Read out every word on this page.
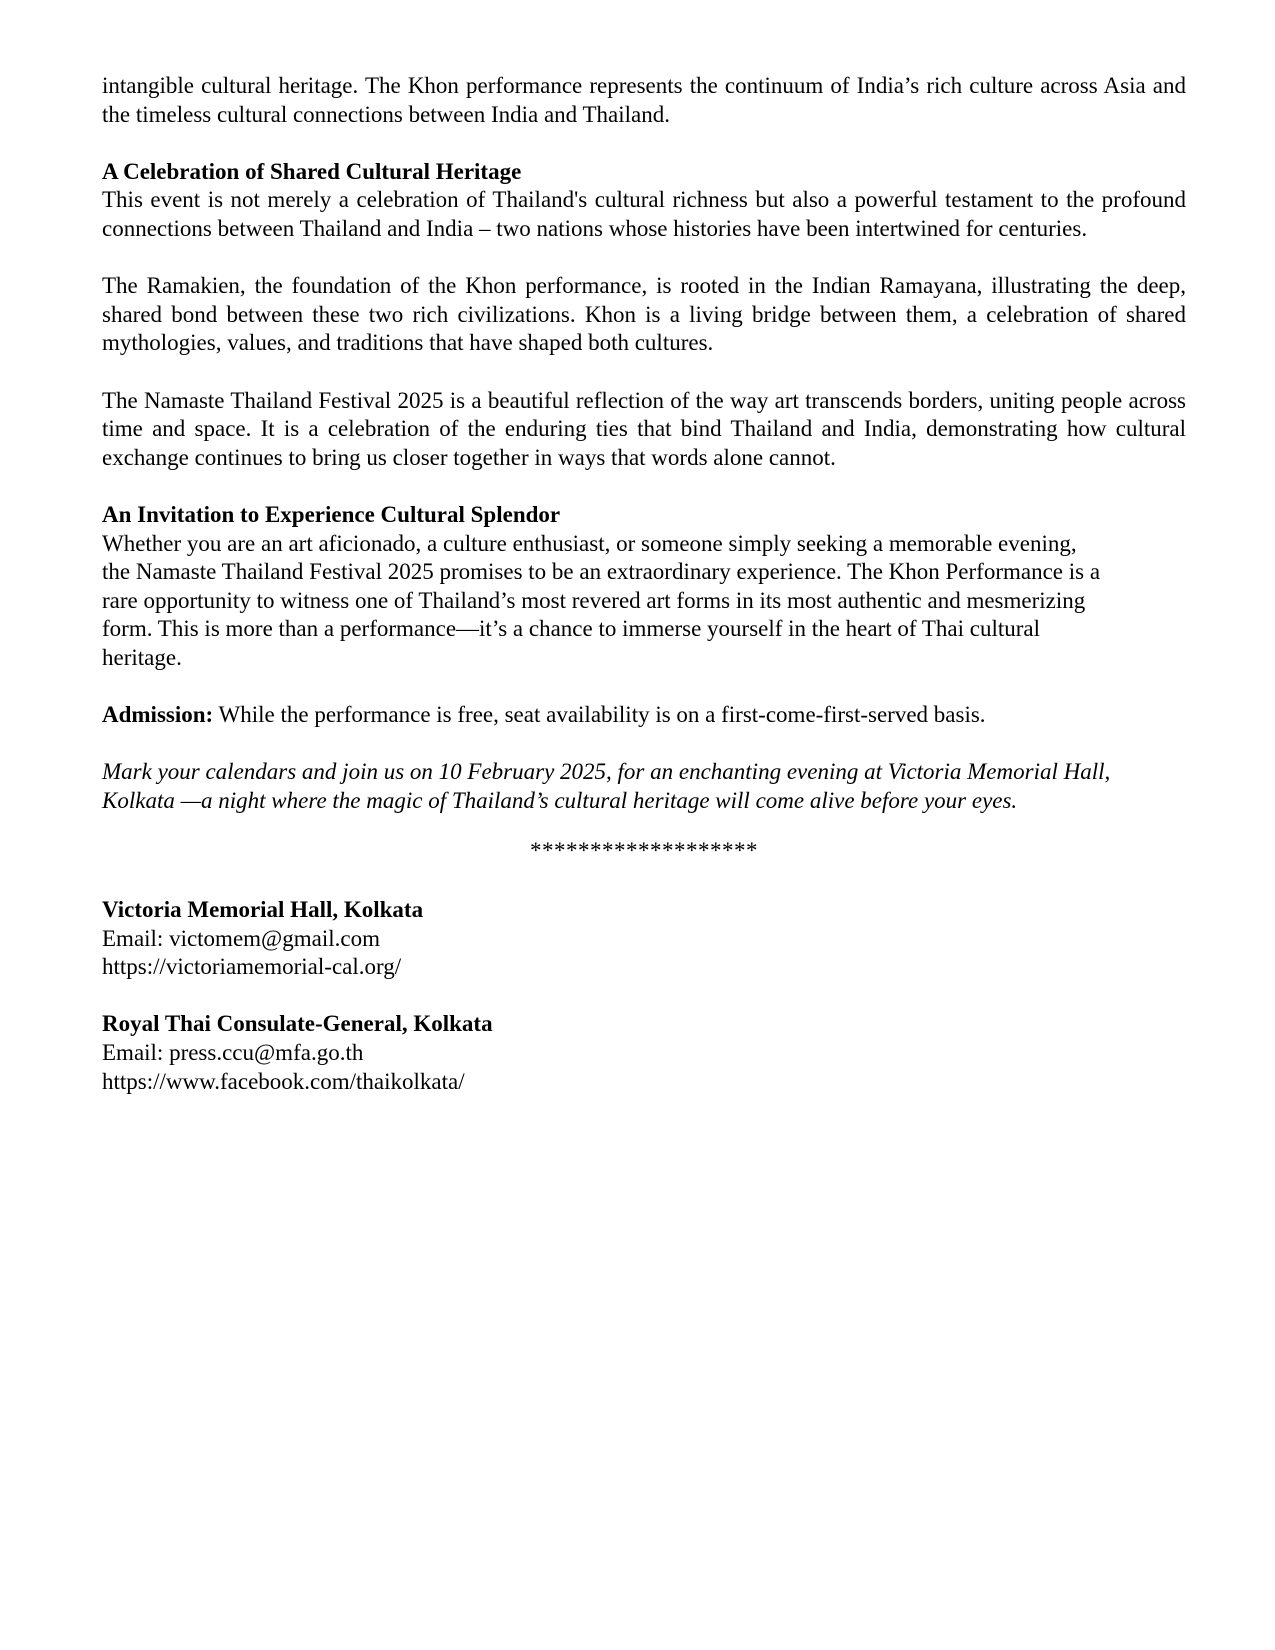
intangible cultural heritage. The Khon performance represents the continuum of India’s rich culture across Asia and the timeless cultural connections between India and Thailand.

A Celebration of Shared Cultural Heritage

This event is not merely a celebration of Thailand's cultural richness but also a powerful testament to the profound connections between Thailand and India – two nations whose histories have been intertwined for centuries.

The Ramakien, the foundation of the Khon performance, is rooted in the Indian Ramayana, illustrating the deep, shared bond between these two rich civilizations. Khon is a living bridge between them, a celebration of shared mythologies, values, and traditions that have shaped both cultures.

The Namaste Thailand Festival 2025 is a beautiful reflection of the way art transcends borders, uniting people across time and space. It is a celebration of the enduring ties that bind Thailand and India, demonstrating how cultural exchange continues to bring us closer together in ways that words alone cannot.

An Invitation to Experience Cultural Splendor

Whether you are an art aficionado, a culture enthusiast, or someone simply seeking a memorable evening,
the Namaste Thailand Festival 2025 promises to be an extraordinary experience. The Khon Performance is a
rare opportunity to witness one of Thailand’s most revered art forms in its most authentic and mesmerizing
form. This is more than a performance—it’s a chance to immerse yourself in the heart of Thai cultural
heritage.

Admission: While the performance is free, seat availability is on a first-come-first-served basis.

Mark your calendars and join us on 10 February 2025, for an enchanting evening at Victoria Memorial Hall, Kolkata —a night where the magic of Thailand’s cultural heritage will come alive before your eyes.

*******************

Victoria Memorial Hall, Kolkata

Email: victomem@gmail.com

https://victoriamemorial-cal.org/

Royal Thai Consulate-General, Kolkata

Email: press.ccu@mfa.go.th

https://www.facebook.com/thaikolkata/
